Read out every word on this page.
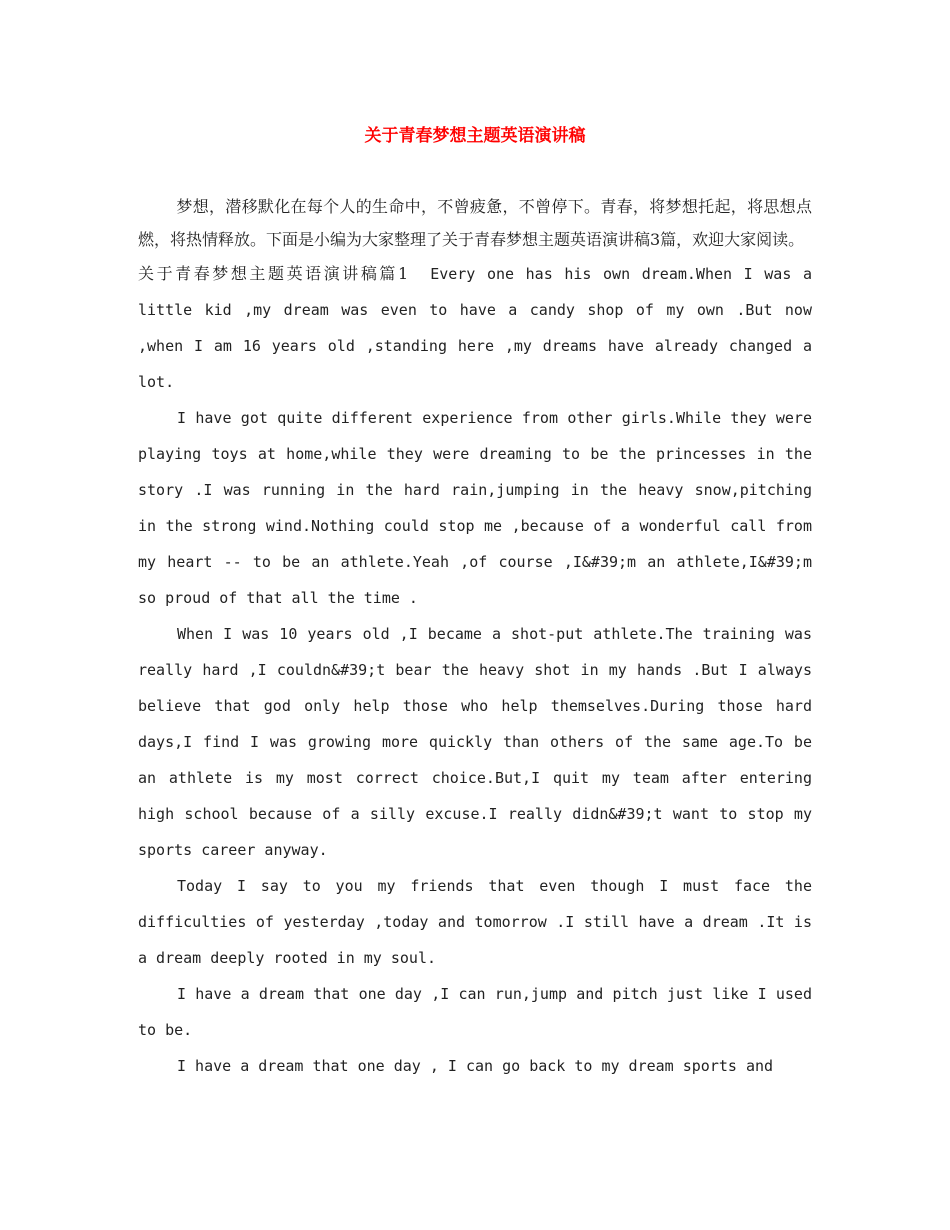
关于青春梦想主题英语演讲稿

梦想，潜移默化在每个人的生命中，不曾疲惫，不曾停下。青春，将梦想托起，将思想点燃，将热情释放。下面是小编为大家整理了关于青春梦想主题英语演讲稿3篇，欢迎大家阅读。

关于青春梦想主题英语演讲稿篇1 Every one has his own dream.When I was a little kid ,my dream was even to have a candy shop of my own .But now ,when I am 16 years old ,standing here ,my dreams have already changed a lot.

I have got quite different experience from other girls.While they were playing toys at home,while they were dreaming to be the princesses in the story .I was running in the hard rain,jumping in the heavy snow,pitching in the strong wind.Nothing could stop me ,because of a wonderful call from my heart -- to be an athlete.Yeah ,of course ,I&#39;m an athlete,I&#39;m so proud of that all the time .

When I was 10 years old ,I became a shot-put athlete.The training was really hard ,I couldn&#39;t bear the heavy shot in my hands .But I always believe that god only help those who help themselves.During those hard days,I find I was growing more quickly than others of the same age.To be an athlete is my most correct choice.But,I quit my team after entering high school because of a silly excuse.I really didn&#39;t want to stop my sports career anyway.

Today I say to you my friends that even though I must face the difficulties of yesterday ,today and tomorrow .I still have a dream .It is a dream deeply rooted in my soul.

I have a dream that one day ,I can run,jump and pitch just like I used to be.

I have a dream that one day , I can go back to my dream sports and
